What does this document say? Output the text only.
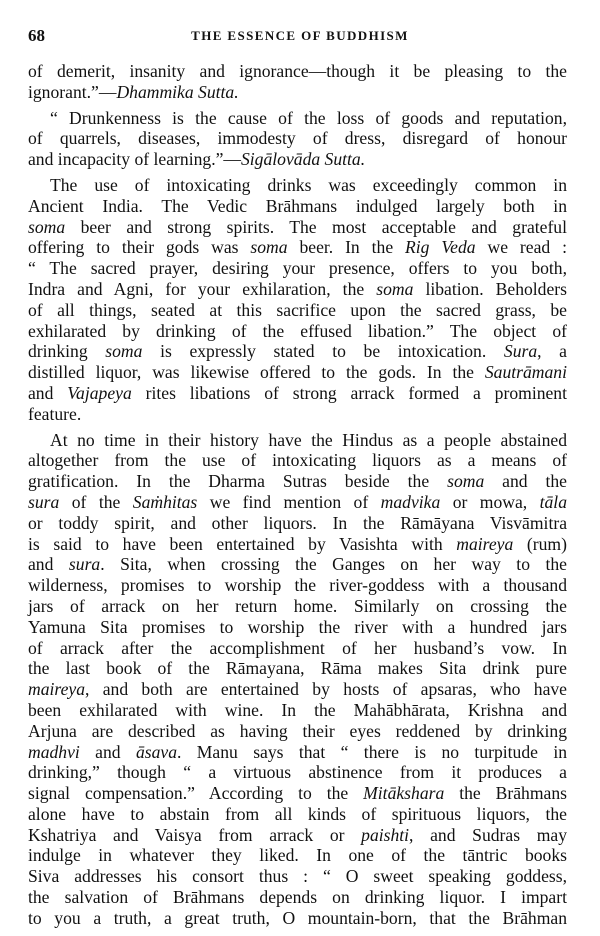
68	THE ESSENCE OF BUDDHISM
of demerit, insanity and ignorance—though it be pleasing to the
ignorant.”—Dhammika Sutta.
“ Drunkenness is the cause of the loss of goods and reputation,
of quarrels, diseases, immodesty of dress, disregard of honour
and incapacity of learning.”—Sigālovāda Sutta.
The use of intoxicating drinks was exceedingly common in
Ancient India. The Vedic Brāhmans indulged largely both in
soma beer and strong spirits. The most acceptable and grateful
offering to their gods was soma beer. In the Rig Veda we read :
“ The sacred prayer, desiring your presence, offers to you both,
Indra and Agni, for your exhilaration, the soma libation. Beholders
of all things, seated at this sacrifice upon the sacred grass, be
exhilarated by drinking of the effused libation.” The object of
drinking soma is expressly stated to be intoxication. Sura, a
distilled liquor, was likewise offered to the gods. In the Sautrāmani
and Vajapeya rites libations of strong arrack formed a prominent
feature.
At no time in their history have the Hindus as a people abstained
altogether from the use of intoxicating liquors as a means of
gratification. In the Dharma Sutras beside the soma and the
sura of the Saṁhitas we find mention of madvika or mowa, tāla
or toddy spirit, and other liquors. In the Rāmāyana Visvāmitra
is said to have been entertained by Vasishta with maireya (rum)
and sura. Sita, when crossing the Ganges on her way to the
wilderness, promises to worship the river-goddess with a thousand
jars of arrack on her return home. Similarly on crossing the
Yamuna Sita promises to worship the river with a hundred jars
of arrack after the accomplishment of her husband’s vow. In
the last book of the Rāmayana, Rāma makes Sita drink pure
maireya, and both are entertained by hosts of apsaras, who have
been exhilarated with wine. In the Mahābhārata, Krishna and
Arjuna are described as having their eyes reddened by drinking
madhvi and āsava. Manu says that “ there is no turpitude in
drinking,” though “ a virtuous abstinence from it produces a
signal compensation.” According to the Mitākshara the Brāhmans
alone have to abstain from all kinds of spirituous liquors, the
Kshatriya and Vaisya from arrack or paishti, and Sudras may
indulge in whatever they liked. In one of the tāntric books
Siva addresses his consort thus : “ O sweet speaking goddess,
the salvation of Brāhmans depends on drinking liquor. I impart
to you a truth, a great truth, O mountain-born, that the Brāhman
